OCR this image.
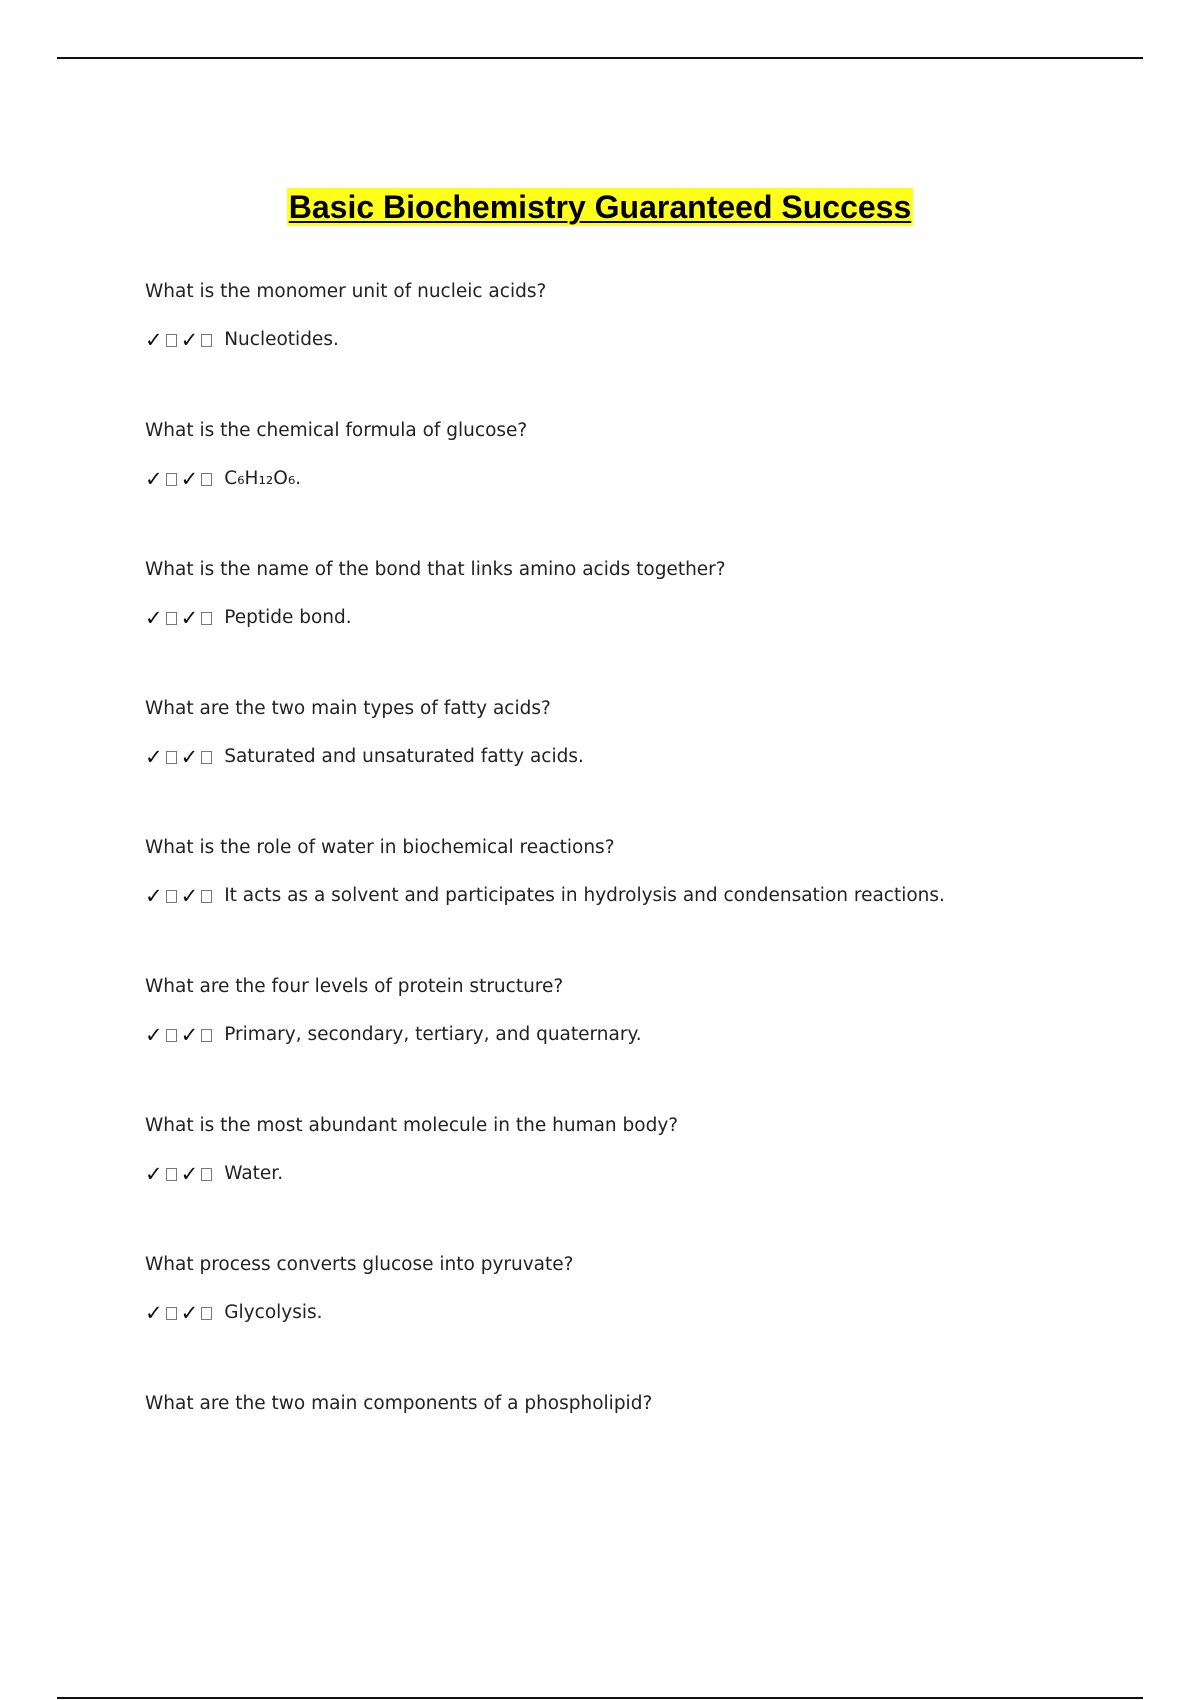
Basic Biochemistry Guaranteed Success
What is the monomer unit of nucleic acids?
✓ ✓ Nucleotides.
What is the chemical formula of glucose?
✓ ✓ C₆H₁₂O₆.
What is the name of the bond that links amino acids together?
✓ ✓ Peptide bond.
What are the two main types of fatty acids?
✓ ✓ Saturated and unsaturated fatty acids.
What is the role of water in biochemical reactions?
✓ ✓ It acts as a solvent and participates in hydrolysis and condensation reactions.
What are the four levels of protein structure?
✓ ✓ Primary, secondary, tertiary, and quaternary.
What is the most abundant molecule in the human body?
✓ ✓ Water.
What process converts glucose into pyruvate?
✓ ✓ Glycolysis.
What are the two main components of a phospholipid?
